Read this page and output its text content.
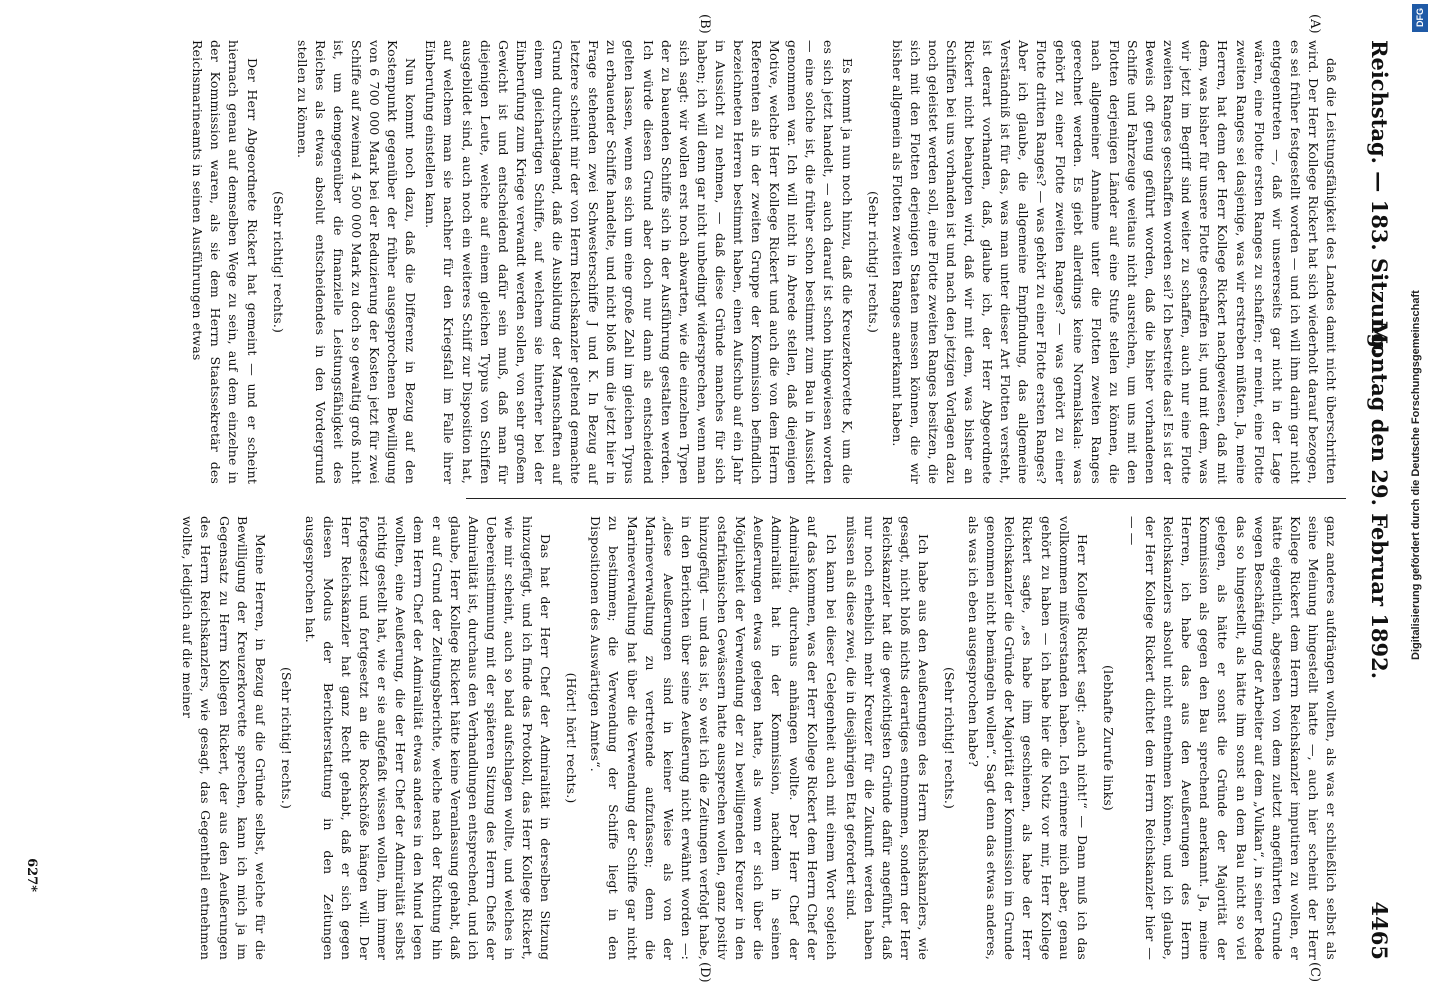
Reichstag. — 183. Sitzung.
Montag den 29. Februar 1892.
4465

daß die Leistungsfähigkeit des Landes damit nicht überschritten wird. Der Herr Kollege Rickert hat sich wiederholt darauf bezogen, es sei früher festgestellt worden — und ich will ihm darin gar nicht entgegentreten —, daß wir unsererseits gar nicht in der Lage wären, eine Flotte ersten Ranges zu schaffen; er meint, eine Flotte zweiten Ranges sei dasjenige, was wir erstreben müßten. Ja, meine Herren, hat denn der Herr Kollege Rickert nachgewiesen, daß mit dem, was bisher für unsere Flotte geschaffen ist, und mit dem, was wir jetzt im Begriff sind weiter zu schaffen, auch nur eine Flotte zweiten Ranges geschaffen worden sei? Ich bestreite das! Es ist der Beweis oft genug geführt worden, daß die bisher vorhandenen Schiffe und Fahrzeuge weitaus nicht ausreichen, um uns mit den Flotten derjenigen Länder auf eine Stufe stellen zu können, die nach allgemeiner Annahme unter die Flotten zweiten Ranges gerechnet werden. Es giebt allerdings keine Normalskala: was gehört zu einer Flotte zweiten Ranges? — was gehört zu einer Flotte dritten Ranges? — was gehört zu einer Flotte ersten Ranges? Aber ich glaube, die allgemeine Empfindung, das allgemeine Verständniß ist für das, was man unter dieser Art Flotten versteht, ist derart vorhanden, daß, glaube ich, der Herr Abgeordnete Rickert nicht behaupten wird, daß wir mit dem, was bisher an Schiffen bei uns vorhanden ist und nach den jetzigen Vorlagen dazu noch geleistet werden soll, eine Flotte zweiten Ranges besitzen, die sich mit den Flotten derjenigen Staaten messen können, die wir bisher allgemein als Flotten zweiten Ranges anerkannt haben.

(Sehr richtig! rechts.)

Es kommt ja nun noch hinzu, daß die Kreuzerkorvette K, um die es sich jetzt handelt, — auch darauf ist schon hingewiesen worden — eine solche ist, die früher schon bestimmt zum Bau in Aussicht genommen war. Ich will nicht in Abrede stellen, daß diejenigen Motive, welche Herr Kollege Rickert und auch die von dem Herrn Referenten als in der zweiten Gruppe der Kommission befindlich bezeichneten Herren bestimmt haben, einen Aufschub auf ein Jahr in Aussicht zu nehmen, — daß diese Gründe manches für sich haben; ich will denn gar nicht unbedingt widersprechen, wenn man sich sagt: wir wollen erst noch abwarten, wie die einzelnen Typen der zu bauenden Schiffe sich in der Ausführung gestalten werden. Ich würde diesen Grund aber doch nur dann als entscheidend gelten lassen, wenn es sich um eine große Zahl im gleichen Typus zu erbauender Schiffe handelte, und nicht bloß um die jetzt hier in Frage stehenden zwei Schwesterschiffe J und K. In Bezug auf letztere scheint mir der von Herrn Reichskanzler geltend gemachte Grund durchschlagend, daß die Ausbildung der Mannschaften auf einem gleichartigen Schiffe, auf welchem sie hinterher bei der Einberufung zum Kriege verwandt werden sollen, von sehr großem Gewicht ist und entscheidend dafür sein muß, daß man für diejenigen Leute, welche auf einem gleichen Typus von Schiffen ausgebildet sind, auch noch ein weiteres Schiff zur Disposition hat, auf welchem man sie nachher für den Kriegsfall im Falle ihrer Einberufung einstellen kann.

Nun kommt noch dazu, daß die Differenz in Bezug auf den Kostenpunkt gegenüber der früher ausgesprochenen Bewilligung von 6 700 000 Mark bei der Reduzierung der Kosten jetzt für zwei Schiffe auf zweimal 4 500 000 Mark zu doch so gewaltig groß nicht ist, um demgegenüber die finanzielle Leistungsfähigkeit des Reiches als etwas absolut entscheidendes in den Vordergrund stellen zu können.

(Sehr richtig! rechts.)

Der Herr Abgeordnete Rickert hat gemeint — und er scheint hiernach genau auf demselben Wege zu sein, auf dem einzelne in der Kommission waren, als sie dem Herrn Staatssekretär des Reichsmarineamts in seinen Ausführungen etwas

ganz anderes aufdrängen wollten, als was er schließlich selbst als seine Meinung hingestellt hatte —, auch hier scheint der Herr Kollege Rickert dem Herrn Reichskanzler imputiren zu wollen, er hätte eigentlich, abgesehen von dem zuletzt angeführten Grunde wegen Beschäftigung der Arbeiter auf dem „Vulkan“, in seiner Rede das so hingestellt, als hätte ihm sonst an dem Bau nicht so viel gelegen, als hätte er sonst die Gründe der Majorität der Kommission als gegen den Bau sprechend anerkannt. Ja, meine Herren, ich habe das aus den Aeußerungen des Herrn Reichskanzlers absolut nicht entnehmen können, und ich glaube, der Herr Kollege Rickert dichtet dem Herrn Reichskanzler hier — — —

(lebhafte Zurufe links)

Herr Kollege Rickert sagt: „auch nicht!“ — Dann muß ich das vollkommen mißverstanden haben. Ich erinnere mich aber, genau gehört zu haben — ich habe hier die Notiz vor mir, Herr Kollege Rickert sagte, „es habe ihm geschienen, als habe der Herr Reichskanzler die Gründe der Majorität der Kommission im Grunde genommen nicht bemängeln wollen“. Sagt denn das etwas anderes, als was ich eben ausgesprochen habe?

(Sehr richtig! rechts.)

Ich habe aus den Aeußerungen des Herrn Reichskanzlers, wie gesagt, nicht bloß nichts derartiges entnommen, sondern der Herr Reichskanzler hat die gewichtigsten Gründe dafür angeführt, daß nur noch erheblich mehr Kreuzer für die Zukunft werden haben müssen als diese zwei, die in diesjährigen Etat gefordert sind.

Ich kann bei dieser Gelegenheit auch mit einem Wort sogleich auf das kommen, was der Herr Kollege Rickert dem Herrn Chef der Admiralität, durchaus anhängen wollte. Der Herr Chef der Admiralität hat in der Kommission, nachdem in seinen Aeußerungen etwas gelegen hatte, als wenn er sich über die Möglichkeit der Verwendung der zu bewilligenden Kreuzer in den ostafrikanischen Gewässern hatte aussprechen wollen, ganz positiv hinzugefügt — und das ist, so weit ich die Zeitungen verfolgt habe, in den Berichten über seine Aeußerung nicht erwähnt worden —: „diese Aeußerungen sind in keiner Weise als von der Marineverwaltung zu vertretende aufzufassen; denn die Marineverwaltung hat über die Verwendung der Schiffe gar nicht zu bestimmen; die Verwendung der Schiffe liegt in den Dispositionen des Auswärtigen Amtes“.

(Hört! hört! rechts.)

Das hat der Herr Chef der Admiralität in derselben Sitzung hinzugefügt, und ich finde das Protokoll, das Herr Kollege Rickert, wie mir scheint, auch so bald aufschlagen wollte, und welches in Uebereinstimmung mit der späteren Sitzung des Herrn Chefs der Admiralität ist, durchaus den Verhandlungen entsprechend, und ich glaube, Herr Kollege Rickert hätte keine Veranlassung gehabt, daß er auf Grund der Zeitungsberichte, welche nach der Richtung hin dem Herrn Chef der Admiralität etwas anderes in den Mund legen wollten, eine Aeußerung, die der Herr Chef der Admiralität selbst richtig gestellt hat, wie er sie aufgefaßt wissen wollen, ihm immer fortgesetzt und fortgesetzt an die Rockschöße hängen will. Der Herr Reichskanzler hat ganz Recht gehabt, daß er sich gegen diesen Modus der Berichterstattung in den Zeitungen ausgesprochen hat.

(Sehr richtig! rechts.)

Meine Herren, in Bezug auf die Gründe selbst, welche für die Bewilligung der Kreuzerkorvette sprechen, kann ich mich ja im Gegensatz zu Herrn Kollegen Rickert, der aus den Aeußerungen des Herrn Reichskanzlers, wie gesagt, das Gegentheil entnehmen wollte, lediglich auf die meiner

(A)
(B)
(C)
(D)
627*
DFG
Digitalisierung gefördert durch die Deutsche Forschungsgemeinschaft
